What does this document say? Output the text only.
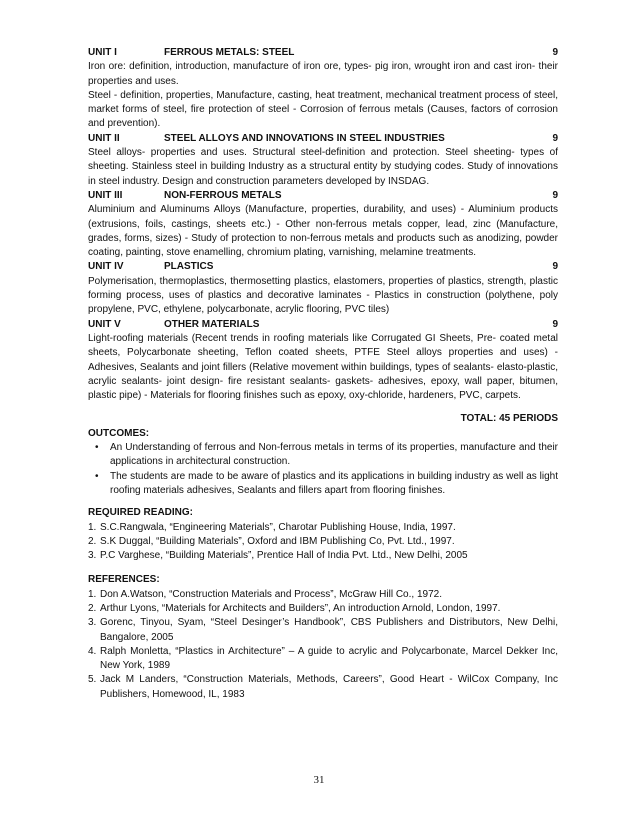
UNIT I	FERROUS METALS: STEEL	9

Iron ore: definition, introduction, manufacture of iron ore, types- pig iron, wrought iron and cast iron- their properties and uses.

Steel - definition, properties, Manufacture, casting, heat treatment, mechanical treatment process of steel, market forms of steel, fire protection of steel - Corrosion of ferrous metals (Causes, factors of corrosion and prevention).

UNIT II	STEEL ALLOYS AND INNOVATIONS IN STEEL INDUSTRIES	9

Steel alloys- properties and uses. Structural steel-definition and protection. Steel sheeting- types of sheeting. Stainless steel in building Industry as a structural entity by studying codes. Study of innovations in steel industry. Design and construction parameters developed by INSDAG.

UNIT III	NON-FERROUS METALS	9

Aluminium and Aluminums Alloys (Manufacture, properties, durability, and uses) - Aluminium products (extrusions, foils, castings, sheets etc.) - Other non-ferrous metals copper, lead, zinc (Manufacture, grades, forms, sizes) - Study of protection to non-ferrous metals and products such as anodizing, powder coating, painting, stove enamelling, chromium plating, varnishing, melamine treatments.

UNIT IV	PLASTICS	9

Polymerisation, thermoplastics, thermosetting plastics, elastomers, properties of plastics, strength, plastic forming process, uses of plastics and decorative laminates - Plastics in construction (polythene, poly propylene, PVC, ethylene, polycarbonate, acrylic flooring, PVC tiles)

UNIT V	OTHER MATERIALS	9

Light-roofing materials (Recent trends in roofing materials like Corrugated GI Sheets, Pre- coated metal sheets, Polycarbonate sheeting, Teflon coated sheets, PTFE Steel alloys properties and uses) - Adhesives, Sealants and joint fillers (Relative movement within buildings, types of sealants- elasto-plastic, acrylic sealants- joint design- fire resistant sealants- gaskets- adhesives, epoxy, wall paper, bitumen, plastic pipe) - Materials for flooring finishes such as epoxy, oxy-chloride, hardeners, PVC, carpets.

TOTAL: 45 PERIODS
OUTCOMES:
• An Understanding of ferrous and Non-ferrous metals in terms of its properties, manufacture and their applications in architectural construction.
• The students are made to be aware of plastics and its applications in building industry as well as light roofing materials adhesives, Sealants and fillers apart from flooring finishes.
REQUIRED READING:
1. S.C.Rangwala, “Engineering Materials”, Charotar Publishing House, India, 1997.
2. S.K Duggal, “Building Materials”, Oxford and IBM Publishing Co, Pvt. Ltd., 1997.
3. P.C Varghese, “Building Materials”, Prentice Hall of India Pvt. Ltd., New Delhi, 2005
REFERENCES:
1. Don A.Watson, “Construction Materials and Process”, McGraw Hill Co., 1972.
2. Arthur Lyons, “Materials for Architects and Builders”, An introduction Arnold, London, 1997.
3. Gorenc, Tinyou, Syam, “Steel Desinger’s Handbook”, CBS Publishers and Distributors, New Delhi, Bangalore, 2005
4. Ralph Monletta, “Plastics in Architecture” – A guide to acrylic and Polycarbonate, Marcel Dekker Inc, New York, 1989
5. Jack M Landers, “Construction Materials, Methods, Careers”, Good Heart - WilCox Company, Inc Publishers, Homewood, IL, 1983
31
